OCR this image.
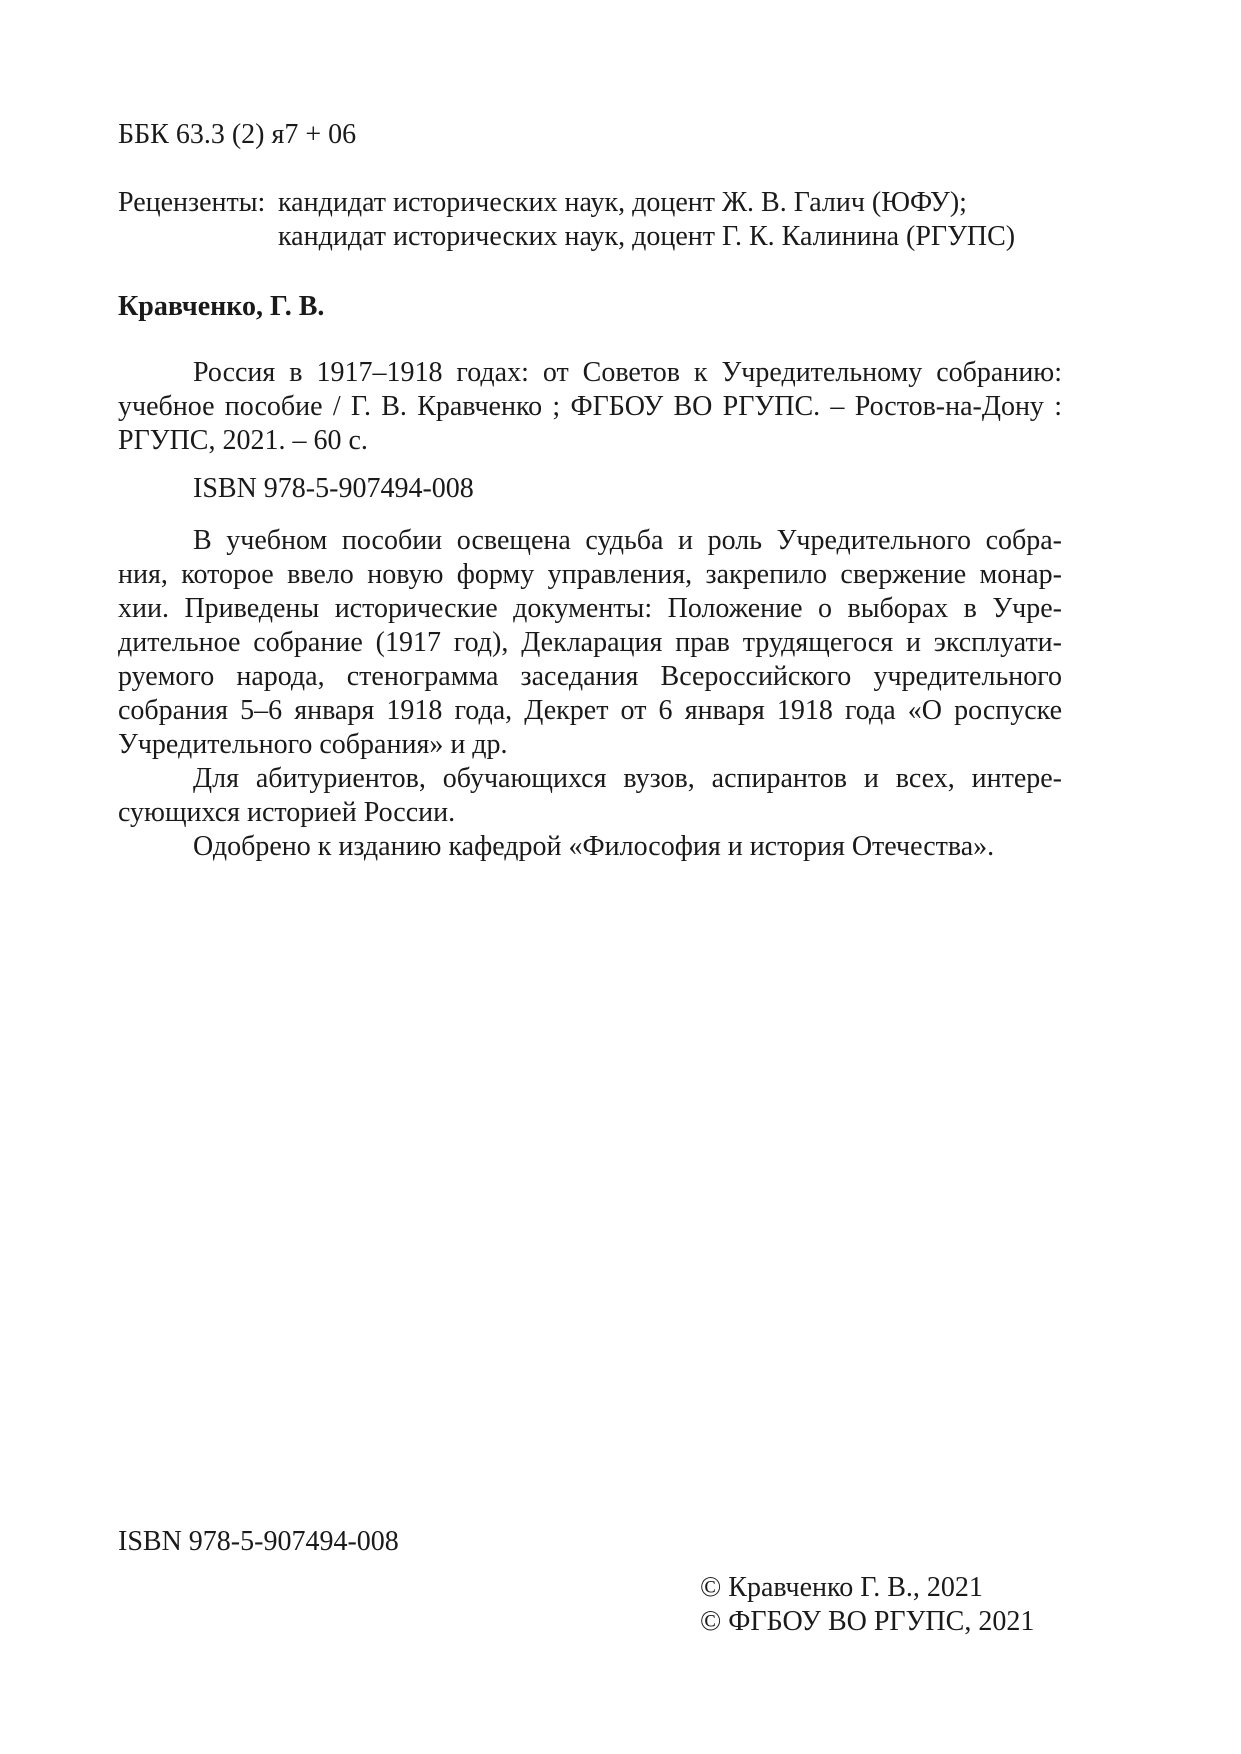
ББК 63.3 (2) я7 + 06
Рецензенты: кандидат исторических наук, доцент Ж. В. Галич (ЮФУ);
кандидат исторических наук, доцент Г. К. Калинина (РГУПС)
Кравченко, Г. В.
Россия в 1917–1918 годах: от Советов к Учредительному собранию:
учебное пособие / Г. В. Кравченко ; ФГБОУ ВО РГУПС. – Ростов-на-Дону :
РГУПС, 2021. – 60 с.
ISBN 978-5-907494-008
В учебном пособии освещена судьба и роль Учредительного собра-
ния, которое ввело новую форму управления, закрепило свержение монар-
хии. Приведены исторические документы: Положение о выборах в Учре-
дительное собрание (1917 год), Декларация прав трудящегося и эксплуати-
руемого народа, стенограмма заседания Всероссийского учредительного
собрания 5–6 января 1918 года, Декрет от 6 января 1918 года «О роспуске
Учредительного собрания» и др.
Для абитуриентов, обучающихся вузов, аспирантов и всех, интере-
сующихся историей России.
Одобрено к изданию кафедрой «Философия и история Отечества».
ISBN 978-5-907494-008
© Кравченко Г. В., 2021
© ФГБОУ ВО РГУПС, 2021
